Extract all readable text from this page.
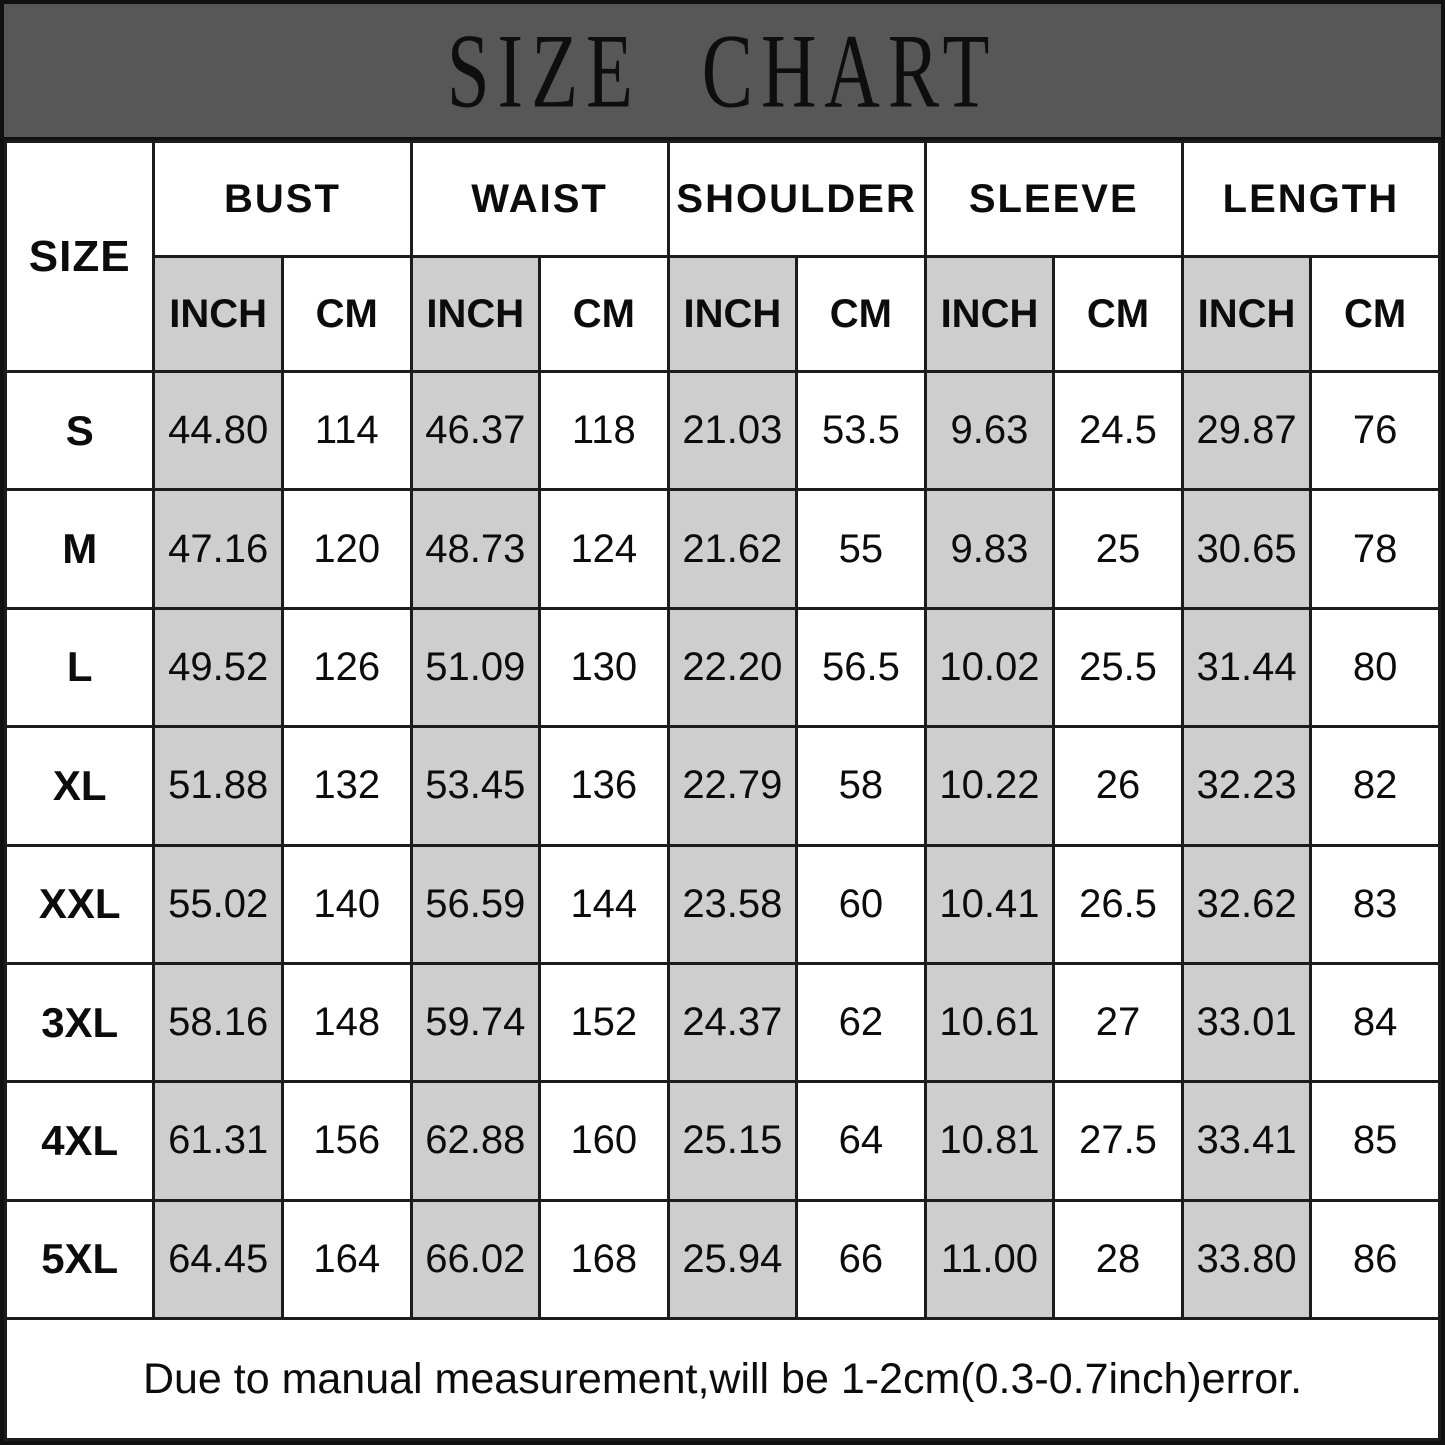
SIZE CHART
SIZE	BUST		WAIST		SHOULDER		SLEEVE		LENGTH	
	INCH	CM	INCH	CM	INCH	CM	INCH	CM	INCH	CM
S	44.80	114	46.37	118	21.03	53.5	9.63	24.5	29.87	76
M	47.16	120	48.73	124	21.62	55	9.83	25	30.65	78
L	49.52	126	51.09	130	22.20	56.5	10.02	25.5	31.44	80
XL	51.88	132	53.45	136	22.79	58	10.22	26	32.23	82
XXL	55.02	140	56.59	144	23.58	60	10.41	26.5	32.62	83
3XL	58.16	148	59.74	152	24.37	62	10.61	27	33.01	84
4XL	61.31	156	62.88	160	25.15	64	10.81	27.5	33.41	85
5XL	64.45	164	66.02	168	25.94	66	11.00	28	33.80	86
Due to manual measurement,will be 1-2cm(0.3-0.7inch)error.										
